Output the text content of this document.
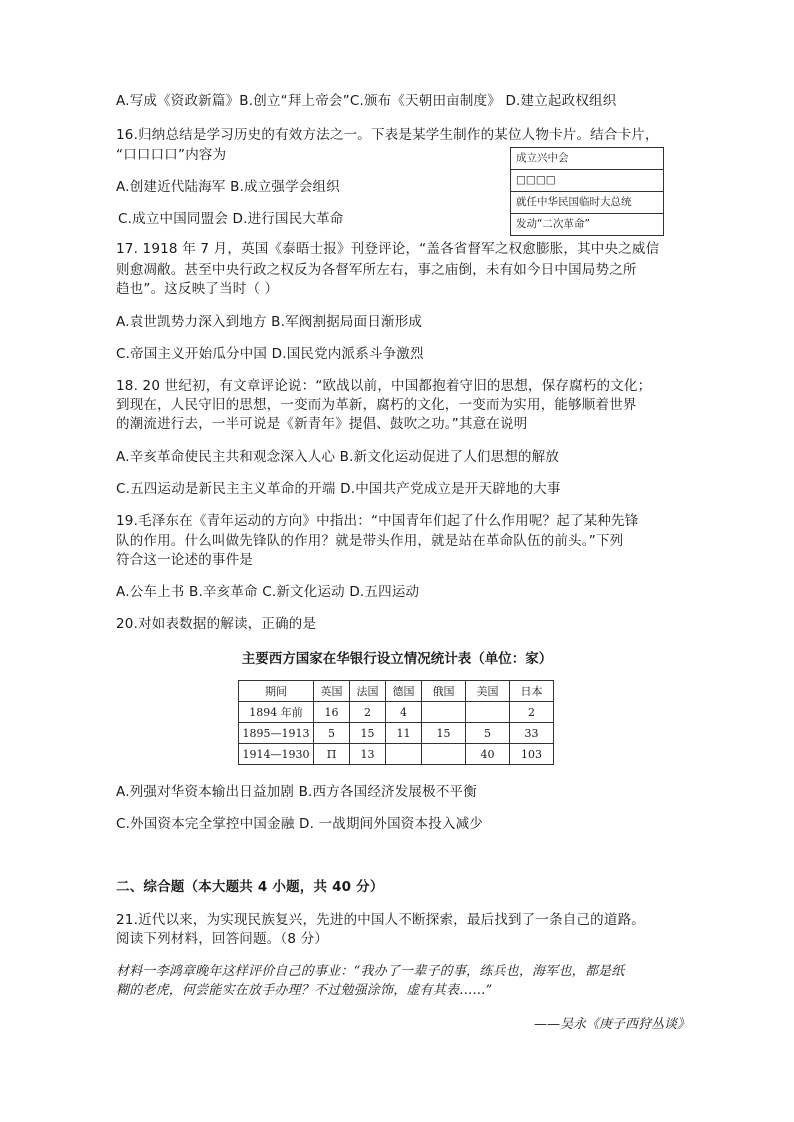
A.写成《资政新篇》B.创立“拜上帝会”C.颁布《天朝田亩制度》 D.建立起政权组织
16.归纳总结是学习历史的有效方法之一。下表是某学生制作的某位人物卡片。结合卡片，
“口口口口”内容为	成立兴中会
□□□□
就任中华民国临时大总统
发动“二次革命”
A.创建近代陆海军 B.成立强学会组织
C.成立中国同盟会 D.进行国民大革命
17. 1918 年 7 月，英国《泰晤士报》刊登评论，“盖各省督军之权愈膨胀，其中央之威信
则愈凋敝。甚至中央行政之权反为各督军所左右，事之庙倒，未有如今日中国局势之所
趋也”。这反映了当时（ ）
A.袁世凯势力深入到地方 B.军阀割据局面日渐形成
C.帝国主义开始瓜分中国 D.国民党内派系斗争激烈
18. 20 世纪初，有文章评论说：“欧战以前，中国都抱着守旧的思想，保存腐朽的文化；
到现在，人民守旧的思想，一变而为革新，腐朽的文化，一变而为实用，能够顺着世界
的潮流进行去，一半可说是《新青年》提倡、鼓吹之功。”其意在说明
A.辛亥革命使民主共和观念深入人心 B.新文化运动促进了人们思想的解放
C.五四运动是新民主主义革命的开端 D.中国共产党成立是开天辟地的大事
19.毛泽东在《青年运动的方向》中指出：“中国青年们起了什么作用呢？起了某种先锋
队的作用。什么叫做先锋队的作用？就是带头作用，就是站在革命队伍的前头。”下列
符合这一论述的事件是
A.公车上书 B.辛亥革命 C.新文化运动 D.五四运动
20.对如表数据的解读，正确的是
主要西方国家在华银行设立情况统计表（单位：家）
期间	英国	法国	德国	俄国	美国	日本
1894 年前	16	2	4			2
1895—1913	5	15	11	15	5	33
1914—1930	П	13			40	103
A.列强对华资本输出日益加剧 B.西方各国经济发展极不平衡
C.外国资本完全掌控中国金融 D. 一战期间外国资本投入减少
二、综合题（本大题共 4 小题，共 40 分）
21.近代以来，为实现民族复兴，先进的中国人不断探索，最后找到了一条自己的道路。
阅读下列材料，回答问题。（8 分）
材料一李鸿章晚年这样评价自己的事业：“我办了一辈子的事，练兵也，海军也，都是纸
糊的老虎，何尝能实在放手办理？不过勉强涂饰，虚有其表……”
——吴永《庚子西狩丛谈》
